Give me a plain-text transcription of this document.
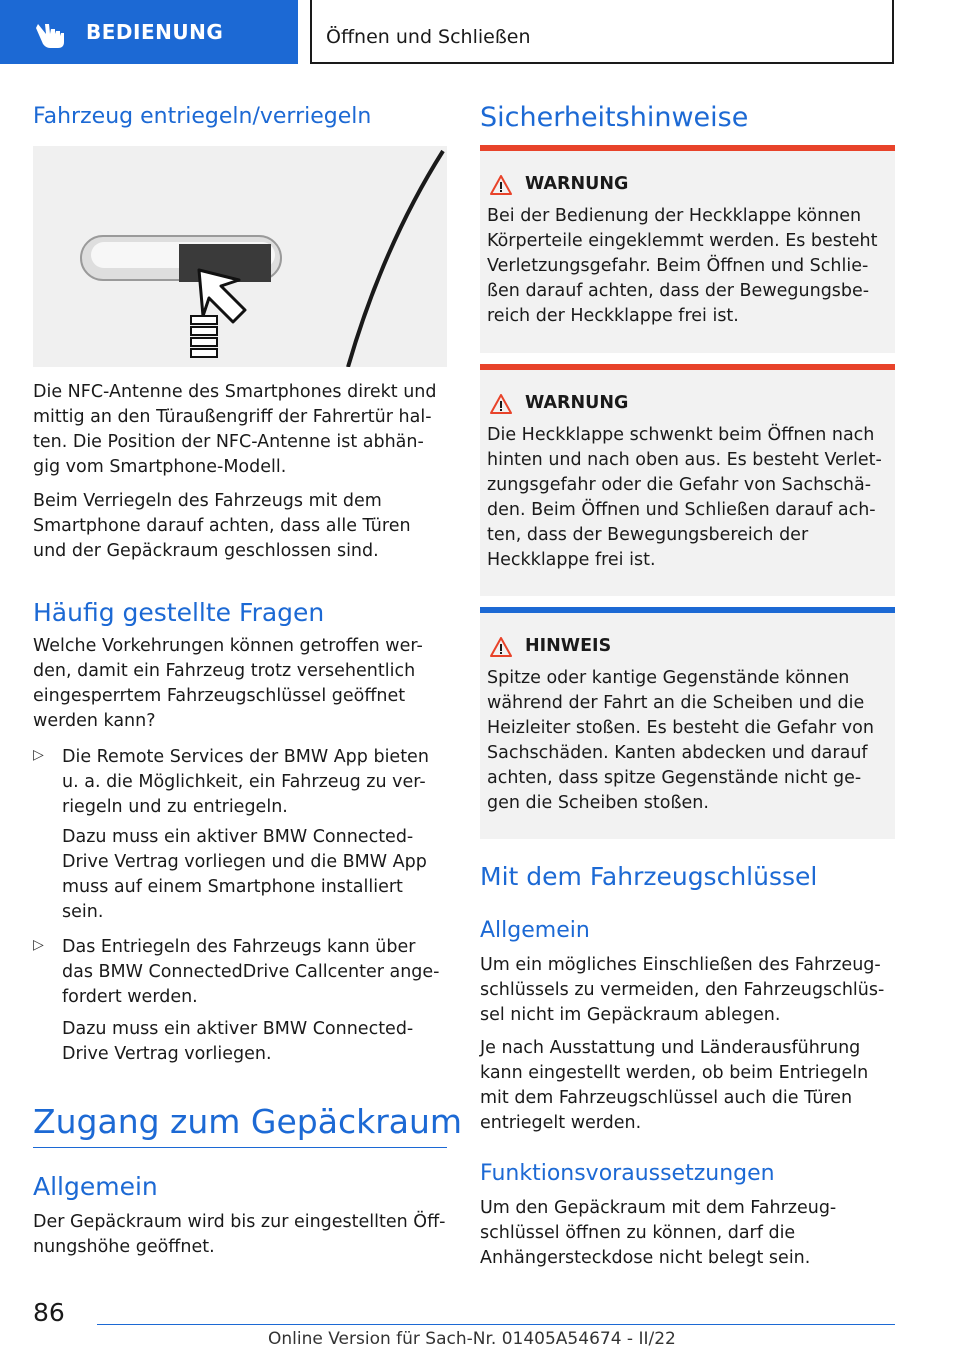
BEDIENUNG	Öffnen und Schließen
Fahrzeug entriegeln/verriegeln

Die NFC-Antenne des Smartphones direkt und mittig an den Türaußengriff der Fahrertür hal-ten. Die Position der NFC-Antenne ist abhän-gig vom Smartphone-Modell.

Beim Verriegeln des Fahrzeugs mit dem Smartphone darauf achten, dass alle Türen und der Gepäckraum geschlossen sind.

Häufig gestellte Fragen

Welche Vorkehrungen können getroffen wer-den, damit ein Fahrzeug trotz versehentlich eingesperrtem Fahrzeugschlüssel geöffnet werden kann?

▷ Die Remote Services der BMW App bieten u. a. die Möglichkeit, ein Fahrzeug zu ver-riegeln und zu entriegeln.

Dazu muss ein aktiver BMW Connected-Drive Vertrag vorliegen und die BMW App muss auf einem Smartphone installiert sein.

▷ Das Entriegeln des Fahrzeugs kann über das BMW ConnectedDrive Callcenter ange-fordert werden.

Dazu muss ein aktiver BMW Connected-Drive Vertrag vorliegen.

Zugang zum Gepäckraum
Allgemein

Der Gepäckraum wird bis zur eingestellten Öff-nungshöhe geöffnet.

Sicherheitshinweise
WARNUNG

Bei der Bedienung der Heckklappe können Körperteile eingeklemmt werden. Es besteht Verletzungsgefahr. Beim Öffnen und Schlie-ßen darauf achten, dass der Bewegungsbe-reich der Heckklappe frei ist.

WARNUNG

Die Heckklappe schwenkt beim Öffnen nach hinten und nach oben aus. Es besteht Verlet-zungsgefahr oder die Gefahr von Sachschä-den. Beim Öffnen und Schließen darauf ach-ten, dass der Bewegungsbereich der Heckklappe frei ist.

HINWEIS

Spitze oder kantige Gegenstände können während der Fahrt an die Scheiben und die Heizleiter stoßen. Es besteht die Gefahr von Sachschäden. Kanten abdecken und darauf achten, dass spitze Gegenstände nicht ge-gen die Scheiben stoßen.

Mit dem Fahrzeugschlüssel
Allgemein

Um ein mögliches Einschließen des Fahrzeug-schlüssels zu vermeiden, den Fahrzeugschlüs-sel nicht im Gepäckraum ablegen.

Je nach Ausstattung und Länderausführung kann eingestellt werden, ob beim Entriegeln mit dem Fahrzeugschlüssel auch die Türen entriegelt werden.

Funktionsvoraussetzungen

Um den Gepäckraum mit dem Fahrzeug-schlüssel öffnen zu können, darf die Anhängersteckdose nicht belegt sein.

86
Online Version für Sach-Nr. 01405A54674 - II/22
